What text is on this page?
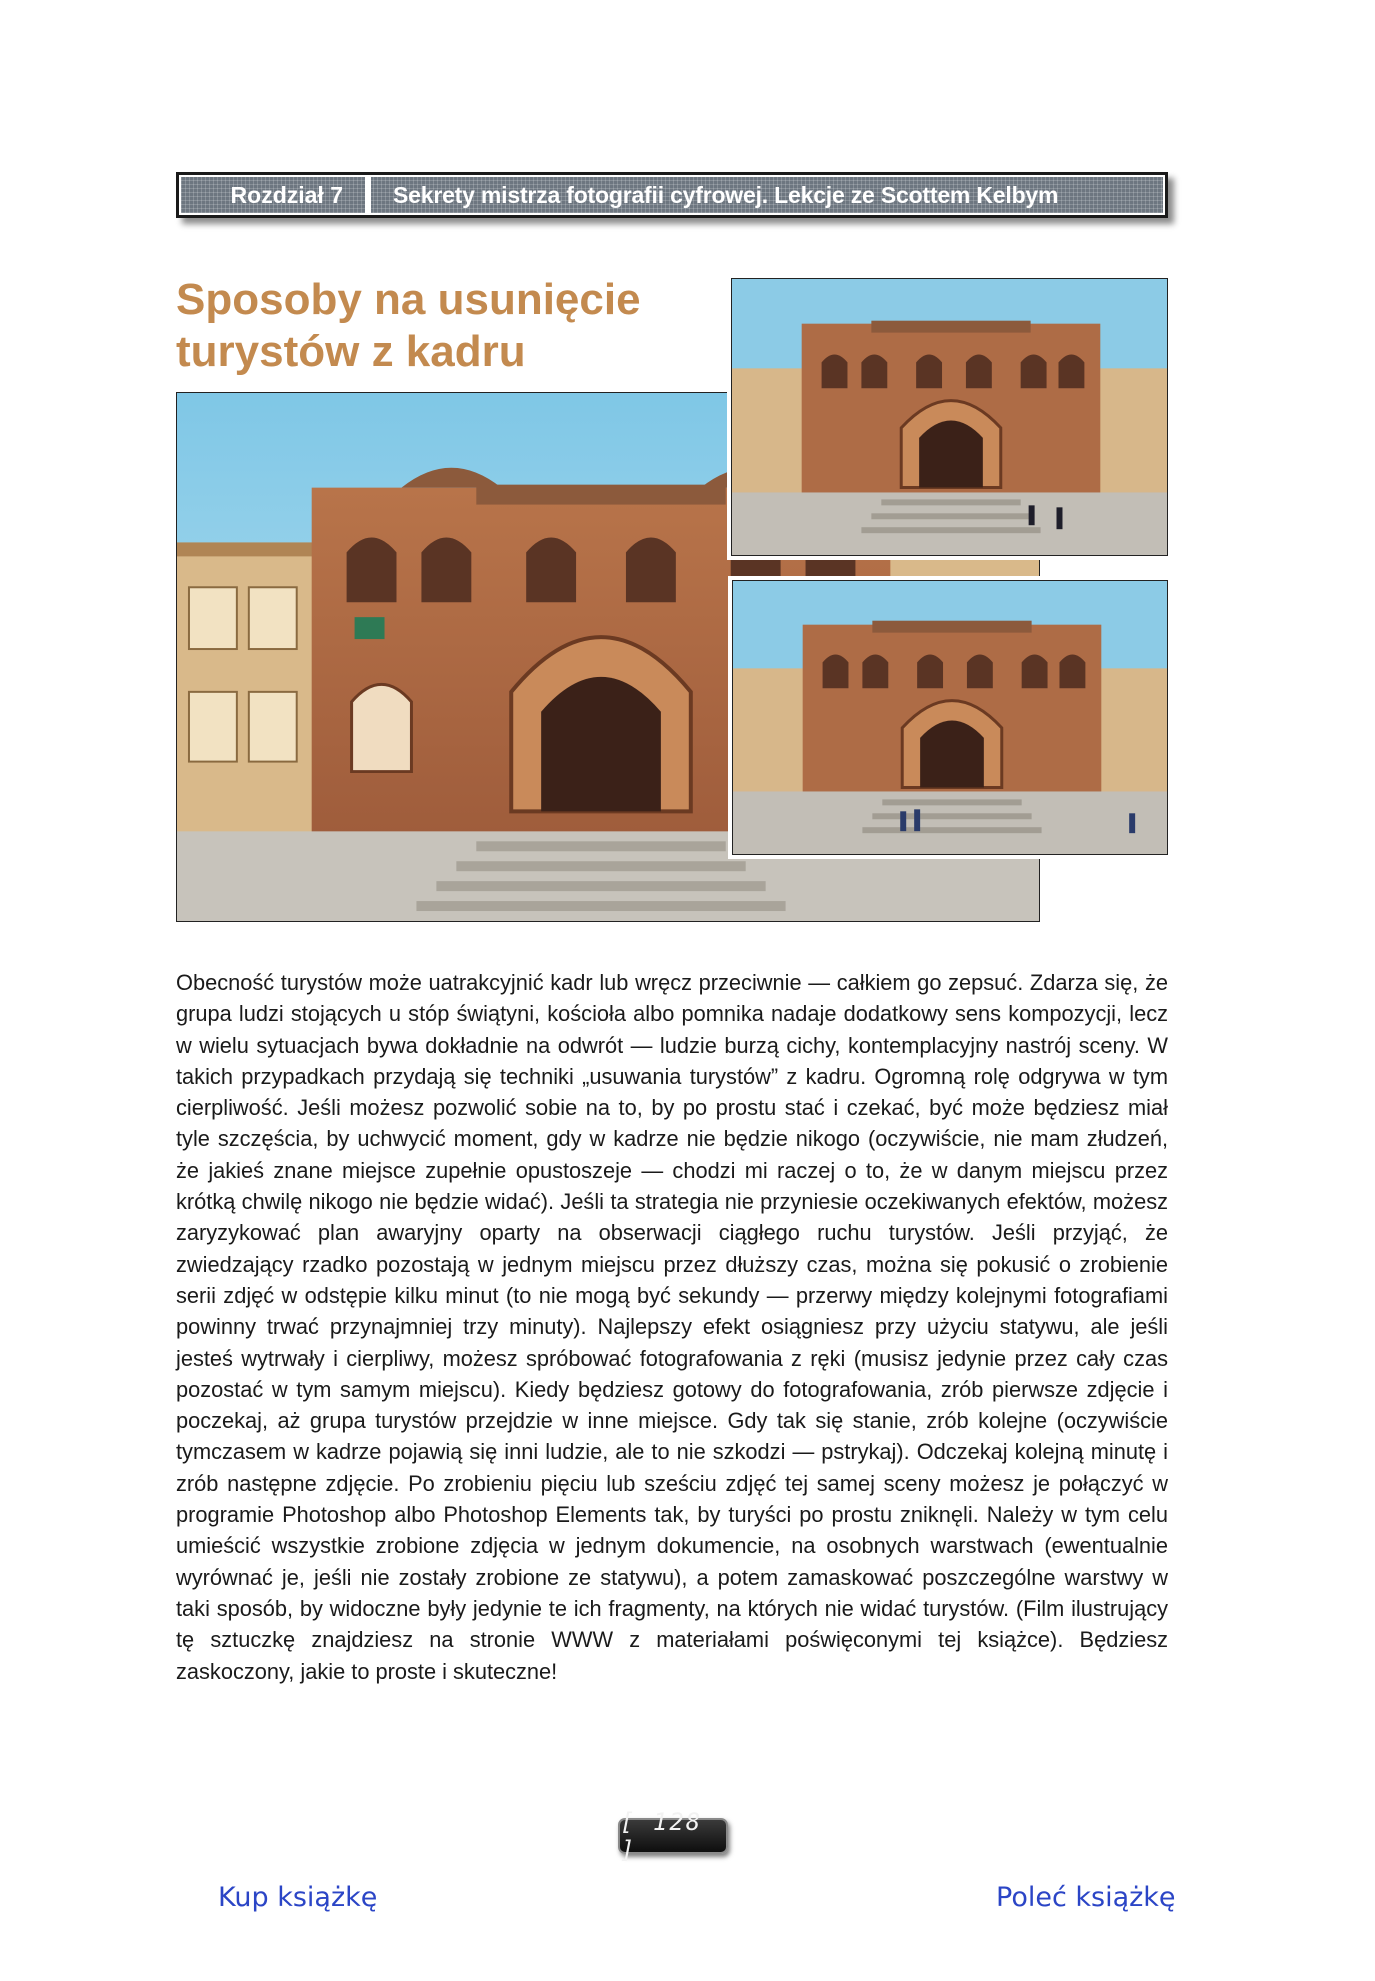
Rozdział 7	Sekrety mistrza fotografii cyfrowej. Lekcje ze Scottem Kelbym
Sposoby na usunięcie
turystów z kadru

Obecność turystów może uatrakcyjnić kadr lub wręcz przeciwnie — całkiem go zepsuć. Zdarza się, że grupa ludzi stojących u stóp świątyni, kościoła albo pomnika nadaje dodatkowy sens kompozycji, lecz w wielu sytuacjach bywa dokładnie na odwrót — ludzie burzą cichy, kontemplacyjny nastrój sceny. W takich przypadkach przydają się techniki „usuwania turystów” z kadru. Ogromną rolę odgrywa w tym cierpliwość. Jeśli możesz pozwolić sobie na to, by po prostu stać i czekać, być może będziesz miał tyle szczęścia, by uchwycić moment, gdy w kadrze nie będzie nikogo (oczywiście, nie mam złudzeń, że jakieś znane miejsce zupełnie opustoszeje — chodzi mi raczej o to, że w danym miejscu przez krótką chwilę nikogo nie będzie widać). Jeśli ta strategia nie przyniesie oczekiwanych efektów, możesz zaryzykować plan awaryjny oparty na obserwacji ciągłego ruchu turystów. Jeśli przyjąć, że zwiedzający rzadko pozostają w jednym miejscu przez dłuższy czas, można się pokusić o zrobienie serii zdjęć w odstępie kilku minut (to nie mogą być sekundy — przerwy między kolejnymi fotografiami powinny trwać przynajmniej trzy minuty). Najlepszy efekt osiągniesz przy użyciu statywu, ale jeśli jesteś wytrwały i cierpliwy, możesz spróbować fotografowania z ręki (musisz jedynie przez cały czas pozostać w tym samym miejscu). Kiedy będziesz gotowy do fotografowania, zrób pierwsze zdjęcie i poczekaj, aż grupa turystów przejdzie w inne miejsce. Gdy tak się stanie, zrób kolejne (oczywiście tymczasem w kadrze pojawią się inni ludzie, ale to nie szkodzi — pstrykaj). Odczekaj kolejną minutę i zrób następne zdjęcie. Po zrobieniu pięciu lub sześciu zdjęć tej samej sceny możesz je połączyć w programie Photoshop albo Photoshop Elements tak, by turyści po prostu zniknęli. Należy w tym celu umieścić wszystkie zrobione zdjęcia w jednym dokumencie, na osobnych warstwach (ewentualnie wyrównać je, jeśli nie zostały zrobione ze statywu), a potem zamaskować poszczególne warstwy w taki sposób, by widoczne były jedynie te ich fragmenty, na których nie widać turystów. (Film ilustrujący tę sztuczkę znajdziesz na stronie WWW z materiałami poświęconymi tej książce). Będziesz zaskoczony, jakie to proste i skuteczne!

[ 128 ]
Kup książkę	Poleć książkę
